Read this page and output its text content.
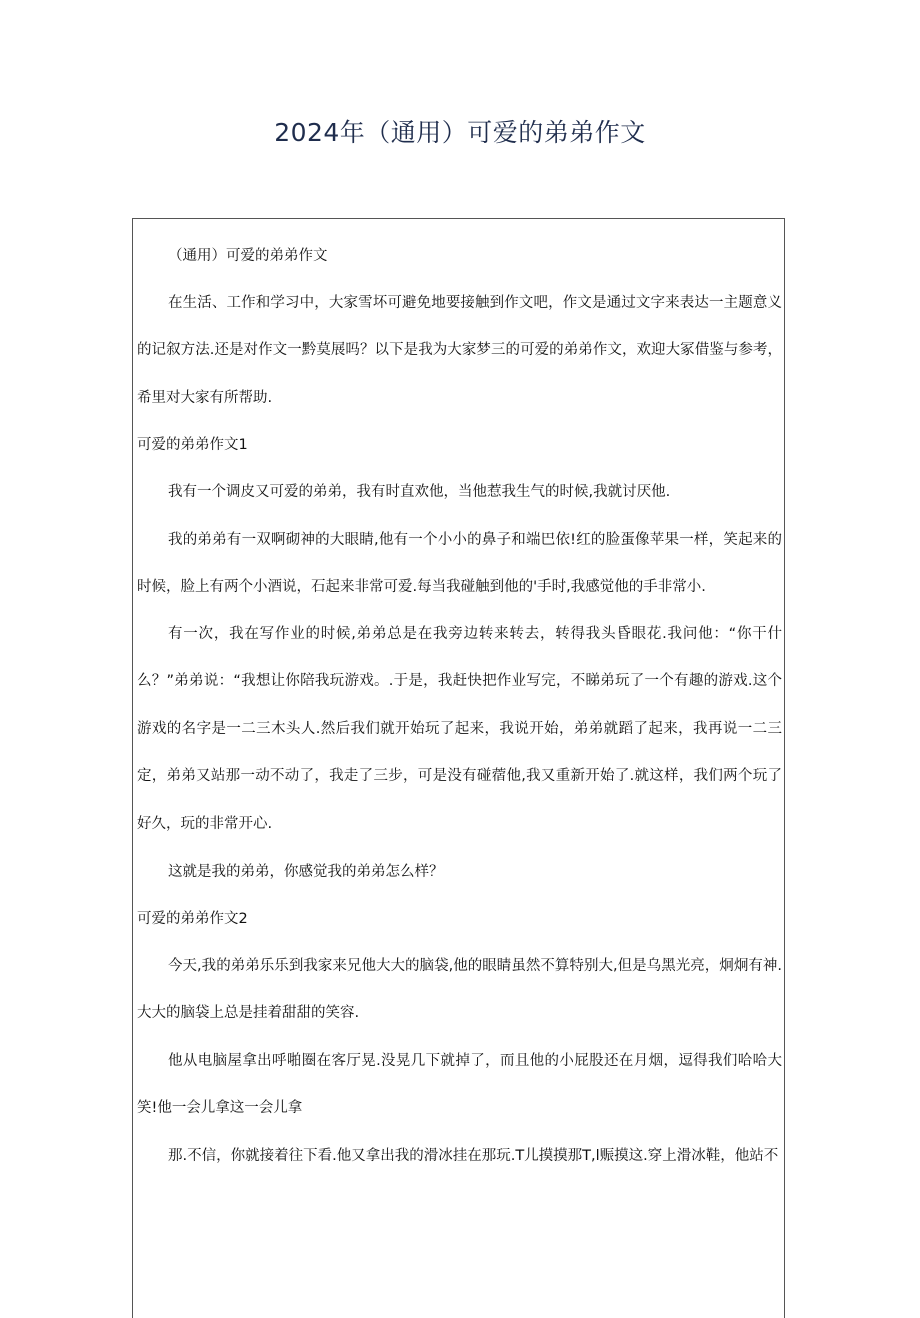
2024年（通用）可爱的弟弟作文

（通用）可爱的弟弟作文

在生活、工作和学习中，大家雪坏可避免地要接触到作文吧，作文是通过文字来表达一主题意义的记叙方法.还是对作文一黔莫展吗？以下是我为大家梦三的可爱的弟弟作文，欢迎大冢借鉴与参考，希里对大家有所帮助.

可爱的弟弟作文1

我有一个调皮又可爱的弟弟，我有时直欢他，当他惹我生气的时候,我就讨厌他.

我的弟弟有一双啊砌神的大眼睛,他有一个小小的鼻子和端巴依!红的脸蛋像苹果一样，笑起来的时候，脸上有两个小酒说，石起来非常可爱.每当我碰触到他的'手时,我感觉他的手非常小.

有一次，我在写作业的时候,弟弟总是在我旁边转来转去，转得我头昏眼花.我问他：“你干什么？”弟弟说：“我想让你陪我玩游戏。.于是，我赶快把作业写完，不睇弟玩了一个有趣的游戏.这个游戏的名字是一二三木头人.然后我们就开始玩了起来，我说开始，弟弟就蹈了起来，我再说一二三定，弟弟又站那一动不动了，我走了三步，可是没有碰蓿他,我又重新开始了.就这样，我们两个玩了好久，玩的非常开心.

这就是我的弟弟，你感觉我的弟弟怎么样？

可爱的弟弟作文2

今天,我的弟弟乐乐到我家来兄他大大的脑袋,他的眼睛虽然不算特别大,但是乌黑光亮，炯炯有神.大大的脑袋上总是挂着甜甜的笑容.

他从电脑屋拿出呼啪圈在客厅晃.没晃几下就掉了，而且他的小屁股还在月烟，逗得我们哈哈大笑!他一会儿拿这一会儿拿

那.不信，你就接着往下看.他又拿出我的滑冰挂在那玩.T儿摸摸那T,l赈摸这.穿上滑冰鞋，他站不
